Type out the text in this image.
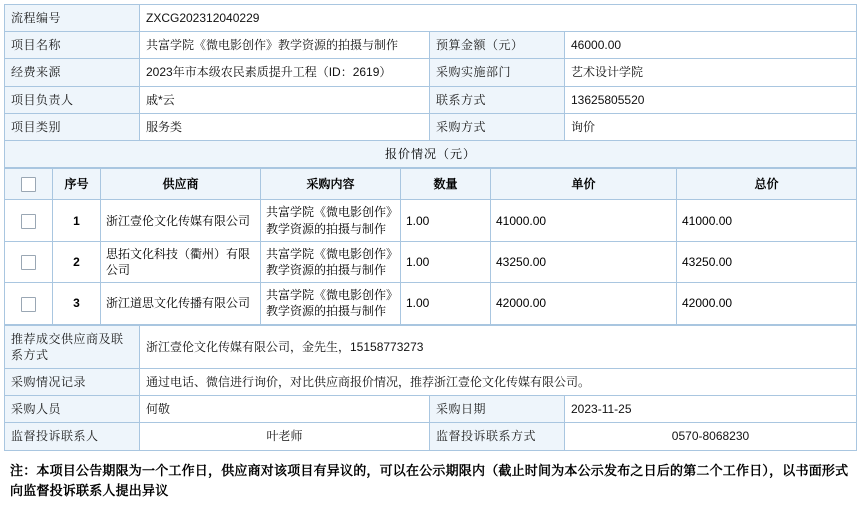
流程编号	ZXCG202312040229		
项目名称	共富学院《微电影创作》教学资源的拍摄与制作	预算金额（元）	46000.00
经费来源	2023年市本级农民素质提升工程（ID：2619）	采购实施部门	艺术设计学院
项目负责人	戚*云	联系方式	13625805520
项目类别	服务类	采购方式	询价
报价情况（元）			
	序号	供应商	采购内容	数量	单价	总价
	1	浙江壹伦文化传媒有限公司	共富学院《微电影创作》教学资源的拍摄与制作	1.00	41000.00	41000.00
	2	思拓文化科技（衢州）有限公司	共富学院《微电影创作》教学资源的拍摄与制作	1.00	43250.00	43250.00
	3	浙江道思文化传播有限公司	共富学院《微电影创作》教学资源的拍摄与制作	1.00	42000.00	42000.00
推荐成交供应商及联系方式	浙江壹伦文化传媒有限公司，金先生，15158773273		
采购情况记录	通过电话、微信进行询价，对比供应商报价情况，推荐浙江壹伦文化传媒有限公司。		
采购人员	何敬	采购日期	2023-11-25
监督投诉联系人	叶老师	监督投诉联系方式	0570-8068230
注：本项目公告期限为一个工作日，供应商对该项目有异议的，可以在公示期限内（截止时间为本公示发布之日后的第二个工作日），以书面形式向监督投诉联系人提出异议
